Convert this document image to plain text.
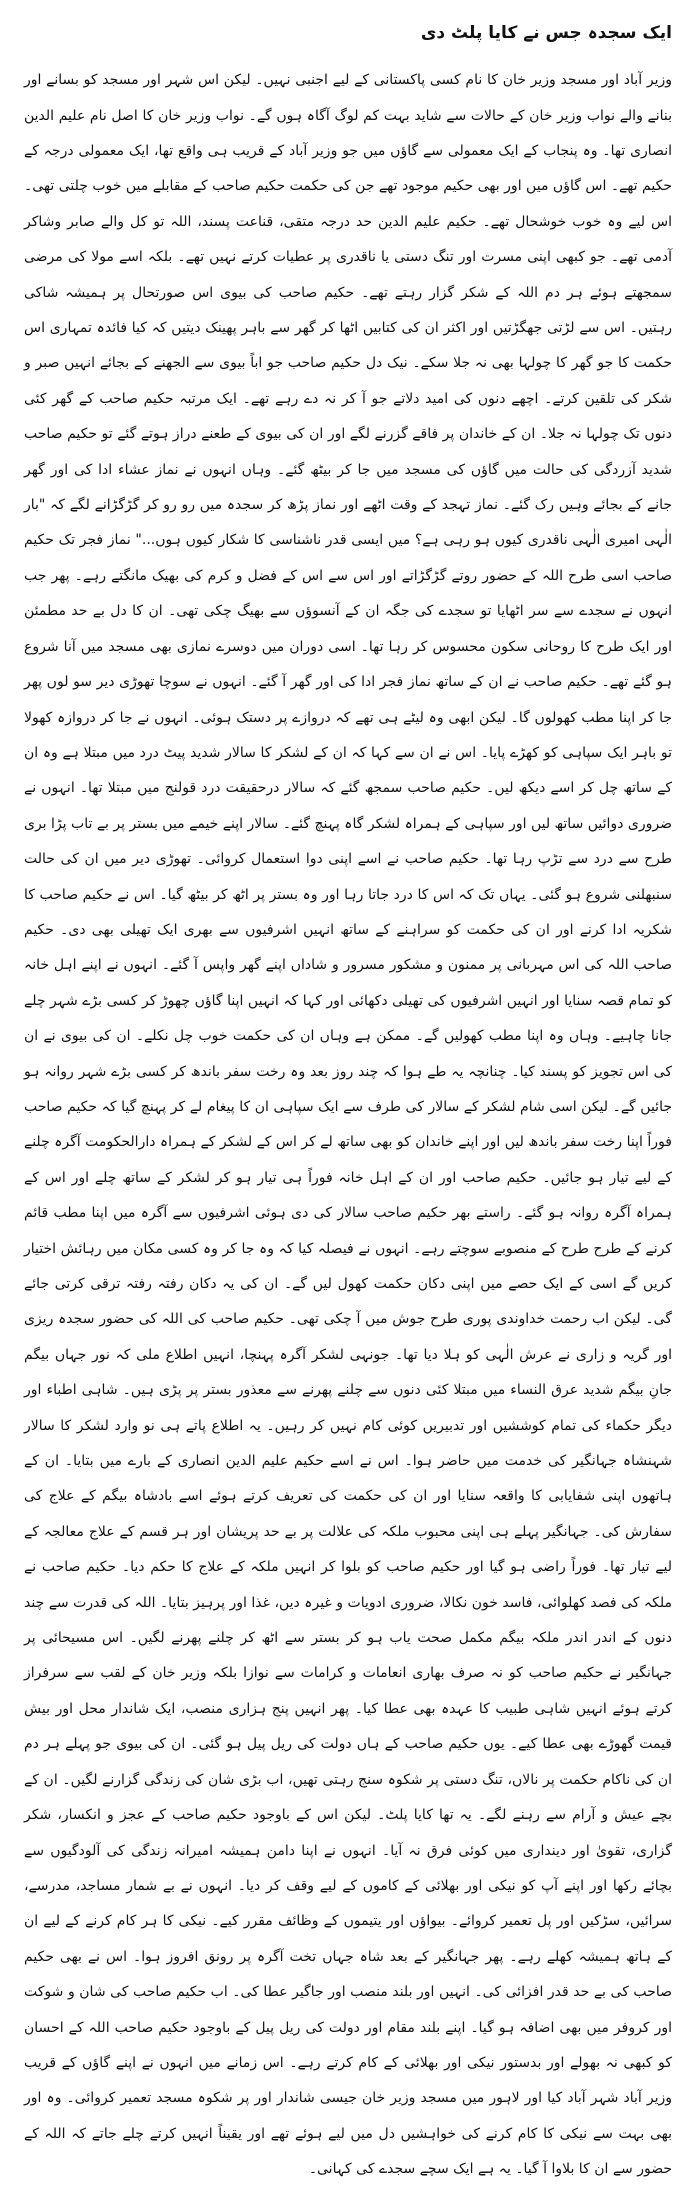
ایک سجدہ جس نے کایا پلٹ دی

وزیر آباد اور مسجد وزیر خان کا نام کسی پاکستانی کے لیے اجنبی نہیں۔ لیکن اس شہر اور مسجد کو بسانے اور بنانے والے نواب وزیر خان کے حالات سے شاید بہت کم لوگ آگاہ ہوں گے۔ نواب وزیر خان کا اصل نام علیم الدین انصاری تھا۔ وہ پنجاب کے ایک معمولی سے گاؤں میں جو وزیر آباد کے قریب ہی واقع تھا، ایک معمولی درجہ کے حکیم تھے۔ اس گاؤں میں اور بھی حکیم موجود تھے جن کی حکمت حکیم صاحب کے مقابلے میں خوب چلتی تھی۔ اس لیے وہ خوب خوشحال تھے۔ حکیم علیم الدین حد درجہ متقی، قناعت پسند، اللہ تو کل والے صابر وشاکر آدمی تھے۔ جو کبھی اپنی مسرت اور تنگ دستی یا ناقدری پر عطیات کرتے نہیں تھے۔ بلکہ اسے مولا کی مرضی سمجھتے ہوئے ہر دم اللہ کے شکر گزار رہتے تھے۔ حکیم صاحب کی بیوی اس صورتحال پر ہمیشہ شاکی رہتیں۔ اس سے لڑتی جھگڑتیں اور اکثر ان کی کتابیں اٹھا کر گھر سے باہر پھینک دیتیں کہ کیا فائدہ تمہاری اس حکمت کا جو گھر کا چولہا بھی نہ جلا سکے۔ نیک دل حکیم صاحب جو اباً بیوی سے الجھنے کے بجائے انہیں صبر و شکر کی تلقین کرتے۔ اچھے دنوں کی امید دلاتے جو آ کر نہ دے رہے تھے۔ ایک مرتبہ حکیم صاحب کے گھر کئی دنوں تک چولہا نہ جلا۔ ان کے خاندان پر فاقے گزرنے لگے اور ان کی بیوی کے طعنے دراز ہوتے گئے تو حکیم صاحب شدید آزردگی کی حالت میں گاؤں کی مسجد میں جا کر بیٹھ گئے۔ وہاں انہوں نے نماز عشاء ادا کی اور گھر جانے کے بجائے وہیں رک گئے۔ نماز تہجد کے وقت اٹھے اور نماز پڑھ کر سجدہ میں رو رو کر گڑگڑانے لگے کہ "بار الٰہی امیری الٰہی ناقدری کیوں ہو رہی ہے؟ میں ایسی قدر ناشناسی کا شکار کیوں ہوں..." نماز فجر تک حکیم صاحب اسی طرح اللہ کے حضور روتے گڑگڑاتے اور اس سے اس کے فضل و کرم کی بھیک مانگتے رہے۔ پھر جب انہوں نے سجدے سے سر اٹھایا تو سجدے کی جگہ ان کے آنسوؤں سے بھیگ چکی تھی۔ ان کا دل بے حد مطمئن اور ایک طرح کا روحانی سکون محسوس کر رہا تھا۔ اسی دوران میں دوسرے نمازی بھی مسجد میں آنا شروع ہو گئے تھے۔ حکیم صاحب نے ان کے ساتھ نماز فجر ادا کی اور گھر آ گئے۔ انہوں نے سوچا تھوڑی دیر سو لوں پھر جا کر اپنا مطب کھولوں گا۔ لیکن ابھی وہ لیٹے ہی تھے کہ دروازے پر دستک ہوئی۔ انہوں نے جا کر دروازہ کھولا تو باہر ایک سپاہی کو کھڑے پایا۔ اس نے ان سے کہا کہ ان کے لشکر کا سالار شدید پیٹ درد میں مبتلا ہے وہ ان کے ساتھ چل کر اسے دیکھ لیں۔ حکیم صاحب سمجھ گئے کہ سالار درحقیقت درد قولنج میں مبتلا تھا۔ انہوں نے ضروری دوائیں ساتھ لیں اور سپاہی کے ہمراہ لشکر گاہ پہنچ گئے۔ سالار اپنے خیمے میں بستر پر بے تاب پڑا بری طرح سے درد سے تڑپ رہا تھا۔ حکیم صاحب نے اسے اپنی دوا استعمال کروائی۔ تھوڑی دیر میں ان کی حالت سنبھلنی شروع ہو گئی۔ یہاں تک کہ اس کا درد جاتا رہا اور وہ بستر پر اٹھ کر بیٹھ گیا۔ اس نے حکیم صاحب کا شکریہ ادا کرنے اور ان کی حکمت کو سراہنے کے ساتھ انہیں اشرفیوں سے بھری ایک تھیلی بھی دی۔ حکیم صاحب اللہ کی اس مہربانی پر ممنون و مشکور مسرور و شاداں اپنے گھر واپس آ گئے۔ انہوں نے اپنے اہل خانہ کو تمام قصہ سنایا اور انہیں اشرفیوں کی تھیلی دکھائی اور کہا کہ انہیں اپنا گاؤں چھوڑ کر کسی بڑے شہر چلے جانا چاہیے۔ وہاں وہ اپنا مطب کھولیں گے۔ ممکن ہے وہاں ان کی حکمت خوب چل نکلے۔ ان کی بیوی نے ان کی اس تجویز کو پسند کیا۔ چنانچہ یہ طے ہوا کہ چند روز بعد وہ رخت سفر باندھ کر کسی بڑے شہر روانہ ہو جائیں گے۔ لیکن اسی شام لشکر کے سالار کی طرف سے ایک سپاہی ان کا پیغام لے کر پہنچ گیا کہ حکیم صاحب فوراً اپنا رخت سفر باندھ لیں اور اپنے خاندان کو بھی ساتھ لے کر اس کے لشکر کے ہمراہ دارالحکومت آگرہ چلنے کے لیے تیار ہو جائیں۔ حکیم صاحب اور ان کے اہل خانہ فوراً ہی تیار ہو کر لشکر کے ساتھ چلے اور اس کے ہمراہ آگرہ روانہ ہو گئے۔ راستے بھر حکیم صاحب سالار کی دی ہوئی اشرفیوں سے آگرہ میں اپنا مطب قائم کرنے کے طرح طرح کے منصوبے سوچتے رہے۔ انہوں نے فیصلہ کیا کہ وہ جا کر وہ کسی مکان میں رہائش اختیار کریں گے اسی کے ایک حصے میں اپنی دکان حکمت کھول لیں گے۔ ان کی یہ دکان رفتہ رفتہ ترقی کرتی جائے گی۔ لیکن اب رحمت خداوندی پوری طرح جوش میں آ چکی تھی۔ حکیم صاحب کی اللہ کی حضور سجدہ ریزی اور گریہ و زاری نے عرش الٰہی کو ہلا دیا تھا۔ جونہی لشکر آگرہ پہنچا، انہیں اطلاع ملی کہ نور جہاں بیگم جانِ بیگم شدید عرق النساء میں مبتلا کئی دنوں سے چلنے پھرنے سے معذور بستر پر پڑی ہیں۔ شاہی اطباء اور دیگر حکماء کی تمام کوششیں اور تدبیریں کوئی کام نہیں کر رہیں۔ یہ اطلاع پاتے ہی نو وارد لشکر کا سالار شہنشاہ جہانگیر کی خدمت میں حاضر ہوا۔ اس نے اسے حکیم علیم الدین انصاری کے بارے میں بتایا۔ ان کے ہاتھوں اپنی شفایابی کا واقعہ سنایا اور ان کی حکمت کی تعریف کرتے ہوئے اسے بادشاہ بیگم کے علاج کی سفارش کی۔ جہانگیر پہلے ہی اپنی محبوب ملکہ کی علالت پر بے حد پریشان اور ہر قسم کے علاج معالجہ کے لیے تیار تھا۔ فوراً راضی ہو گیا اور حکیم صاحب کو بلوا کر انہیں ملکہ کے علاج کا حکم دیا۔ حکیم صاحب نے ملکہ کی فصد کھلوائی، فاسد خون نکالا، ضروری ادویات و غیرہ دیں، غذا اور پرہیز بتایا۔ اللہ کی قدرت سے چند دنوں کے اندر اندر ملکہ بیگم مکمل صحت یاب ہو کر بستر سے اٹھ کر چلنے پھرنے لگیں۔ اس مسیحائی پر جہانگیر نے حکیم صاحب کو نہ صرف بھاری انعامات و کرامات سے نوازا بلکہ وزیر خان کے لقب سے سرفراز کرتے ہوئے انہیں شاہی طبیب کا عہدہ بھی عطا کیا۔ پھر انہیں پنج ہزاری منصب، ایک شاندار محل اور بیش قیمت گھوڑے بھی عطا کیے۔ یوں حکیم صاحب کے ہاں دولت کی ریل پیل ہو گئی۔ ان کی بیوی جو پہلے ہر دم ان کی ناکام حکمت پر نالاں، تنگ دستی پر شکوہ سنج رہتی تھیں، اب بڑی شان کی زندگی گزارنے لگیں۔ ان کے بچے عیش و آرام سے رہنے لگے۔ یہ تھا کایا پلٹ۔ لیکن اس کے باوجود حکیم صاحب کے عجز و انکسار، شکر گزاری، تقویٰ اور دینداری میں کوئی فرق نہ آیا۔ انہوں نے اپنا دامن ہمیشہ امیرانہ زندگی کی آلودگیوں سے بچائے رکھا اور اپنے آپ کو نیکی اور بھلائی کے کاموں کے لیے وقف کر دیا۔ انہوں نے بے شمار مساجد، مدرسے، سرائیں، سڑکیں اور پل تعمیر کروائے۔ بیواؤں اور یتیموں کے وظائف مقرر کیے۔ نیکی کا ہر کام کرنے کے لیے ان کے ہاتھ ہمیشہ کھلے رہے۔ پھر جہانگیر کے بعد شاہ جہاں تخت آگرہ پر رونق افروز ہوا۔ اس نے بھی حکیم صاحب کی بے حد قدر افزائی کی۔ انہیں اور بلند منصب اور جاگیر عطا کی۔ اب حکیم صاحب کی شان و شوکت اور کروفر میں بھی اضافہ ہو گیا۔ اپنے بلند مقام اور دولت کی ریل پیل کے باوجود حکیم صاحب اللہ کے احسان کو کبھی نہ بھولے اور بدستور نیکی اور بھلائی کے کام کرتے رہے۔ اس زمانے میں انہوں نے اپنے گاؤں کے قریب وزیر آباد شہر آباد کیا اور لاہور میں مسجد وزیر خان جیسی شاندار اور پر شکوہ مسجد تعمیر کروائی۔ وہ اور بھی بہت سے نیکی کا کام کرنے کی خواہشیں دل میں لیے ہوئے تھے اور یقیناً انہیں کرتے چلے جاتے کہ اللہ کے حضور سے ان کا بلاوا آ گیا۔ یہ ہے ایک سچے سجدے کی کہانی۔
